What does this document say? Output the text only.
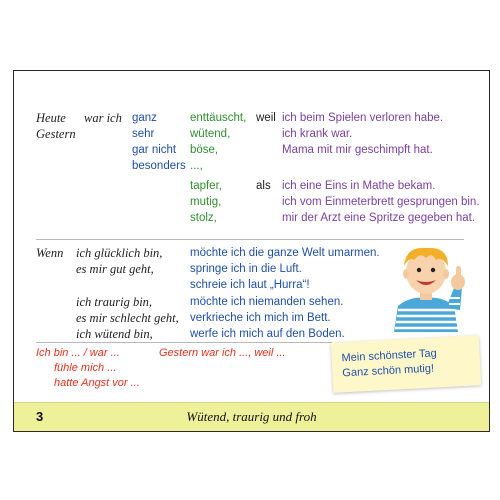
Heute
Gestern
war ich ganz
sehr
gar nicht
besonders
enttäuscht,
wütend,
böse,
...,
weil ich beim Spielen verloren habe.
ich krank war.
Mama mit mir geschimpft hat.
tapfer,
mutig,
stolz,
als ich eine Eins in Mathe bekam.
ich vom Einmeterbrett gesprungen bin.
mir der Arzt eine Spritze gegeben hat.
Wenn ich glücklich bin,
es mir gut geht,
möchte ich die ganze Welt umarmen.
springe ich in die Luft.
schreie ich laut „Hurra“!
ich traurig bin,
es mir schlecht geht,
ich wütend bin,
möchte ich niemanden sehen.
verkrieche ich mich im Bett.
werfe ich mich auf den Boden.
Ich bin ... / war ...
fühle mich ...
hatte Angst vor ...
Gestern war ich ..., weil ...	Mein schönster Tag
Ganz schön mutig!
3	Wütend, traurig und froh
